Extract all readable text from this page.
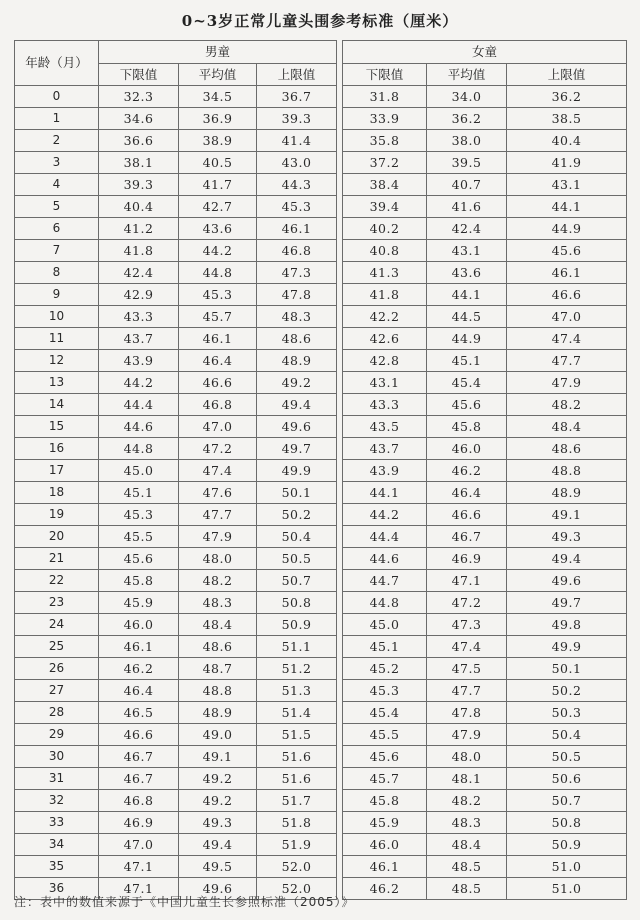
0~3岁正常儿童头围参考标准（厘米）
年龄（月）	男童				女童		
	下限值	平均值	上限值		下限值	平均值	上限值
0	32.3	34.5	36.7		31.8	34.0	36.2
1	34.6	36.9	39.3		33.9	36.2	38.5
2	36.6	38.9	41.4		35.8	38.0	40.4
3	38.1	40.5	43.0		37.2	39.5	41.9
4	39.3	41.7	44.3		38.4	40.7	43.1
5	40.4	42.7	45.3		39.4	41.6	44.1
6	41.2	43.6	46.1		40.2	42.4	44.9
7	41.8	44.2	46.8		40.8	43.1	45.6
8	42.4	44.8	47.3		41.3	43.6	46.1
9	42.9	45.3	47.8		41.8	44.1	46.6
10	43.3	45.7	48.3		42.2	44.5	47.0
11	43.7	46.1	48.6		42.6	44.9	47.4
12	43.9	46.4	48.9		42.8	45.1	47.7
13	44.2	46.6	49.2		43.1	45.4	47.9
14	44.4	46.8	49.4		43.3	45.6	48.2
15	44.6	47.0	49.6		43.5	45.8	48.4
16	44.8	47.2	49.7		43.7	46.0	48.6
17	45.0	47.4	49.9		43.9	46.2	48.8
18	45.1	47.6	50.1		44.1	46.4	48.9
19	45.3	47.7	50.2		44.2	46.6	49.1
20	45.5	47.9	50.4		44.4	46.7	49.3
21	45.6	48.0	50.5		44.6	46.9	49.4
22	45.8	48.2	50.7		44.7	47.1	49.6
23	45.9	48.3	50.8		44.8	47.2	49.7
24	46.0	48.4	50.9		45.0	47.3	49.8
25	46.1	48.6	51.1		45.1	47.4	49.9
26	46.2	48.7	51.2		45.2	47.5	50.1
27	46.4	48.8	51.3		45.3	47.7	50.2
28	46.5	48.9	51.4		45.4	47.8	50.3
29	46.6	49.0	51.5		45.5	47.9	50.4
30	46.7	49.1	51.6		45.6	48.0	50.5
31	46.7	49.2	51.6		45.7	48.1	50.6
32	46.8	49.2	51.7		45.8	48.2	50.7
33	46.9	49.3	51.8		45.9	48.3	50.8
34	47.0	49.4	51.9		46.0	48.4	50.9
35	47.1	49.5	52.0		46.1	48.5	51.0
36	47.1	49.6	52.0		46.2	48.5	51.0
注：表中的数值来源于《中国儿童生长参照标准（2005）》
